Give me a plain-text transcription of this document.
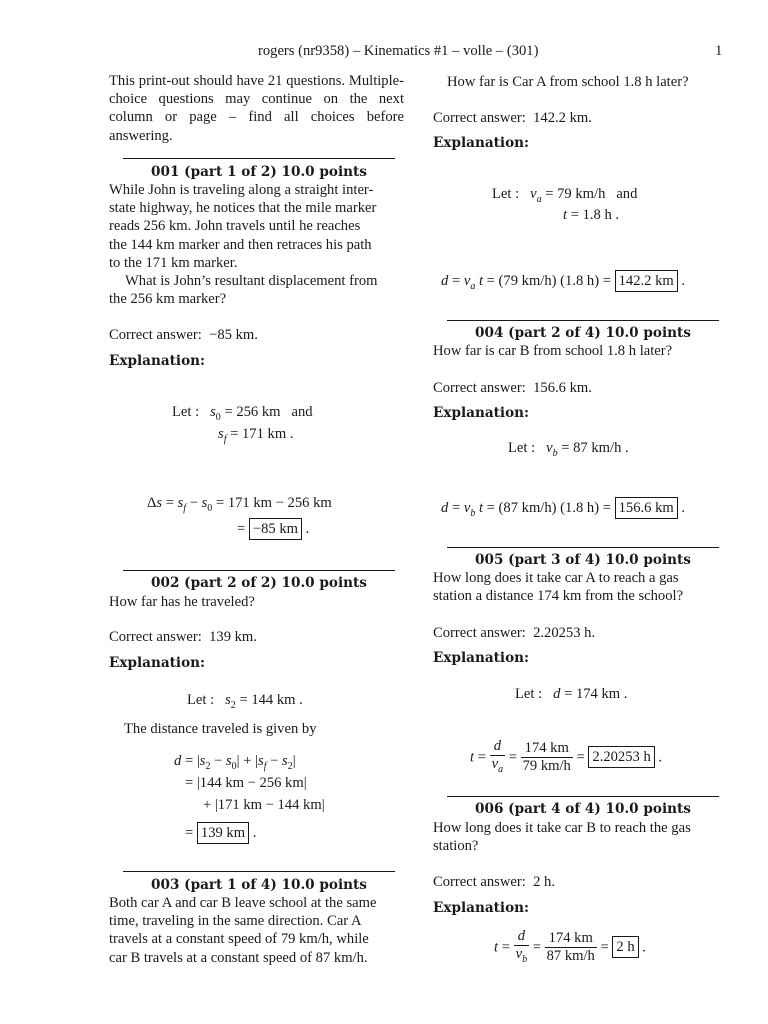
rogers (nr9358) – Kinematics #1 – volle – (301)	1
This print-out should have 21 questions. Multiple-choice questions may continue on the next column or page – find all choices before answering.
001 (part 1 of 2) 10.0 points
While John is traveling along a straight inter-
state highway, he notices that the mile marker
reads 256 km. John travels until he reaches
the 144 km marker and then retraces his path
to the 171 km marker.
What is John’s resultant displacement from
the 256 km marker?
Correct answer: −85 km.
Explanation:
Let : $s_0 = 256$ km and
$s_f = 171$ km .
$\Delta s = s_f - s_0 = 171$ km − 256 km
= −85 km .
002 (part 2 of 2) 10.0 points
How far has he traveled?
Correct answer: 139 km.
Explanation:
Let : $s_2 = 144$ km .
The distance traveled is given by
$d = |s_2 - s_0| + |s_f - s_2|$
= |144 km − 256 km|
+ |171 km − 144 km|
= 139 km .
003 (part 1 of 4) 10.0 points
Both car A and car B leave school at the same
time, traveling in the same direction. Car A
travels at a constant speed of 79 km/h, while
car B travels at a constant speed of 87 km/h.
How far is Car A from school 1.8 h later?
Correct answer: 142.2 km.
Explanation:
Let : $v_a = 79$ km/h and
t = 1.8 h .
$d = v_a$ t = (79 km/h) (1.8 h) = 142.2 km .
004 (part 2 of 4) 10.0 points
How far is car B from school 1.8 h later?
Correct answer: 156.6 km.
Explanation:
Let : $v_b = 87$ km/h .
$d = v_b$ t = (87 km/h) (1.8 h) = 156.6 km .
005 (part 3 of 4) 10.0 points
How long does it take car A to reach a gas
station a distance 174 km from the school?
Correct answer: 2.20253 h.
Explanation:
Let : d = 174 km .
$t = \frac{d}{v_a} = \frac{174 km}{79 km/h} = 2.20253$ h .
006 (part 4 of 4) 10.0 points
How long does it take car B to reach the gas
station?
Correct answer: 2 h.
Explanation:
$t = \frac{d}{v_b} = \frac{174 km}{87 km/h} = 2$ h .
